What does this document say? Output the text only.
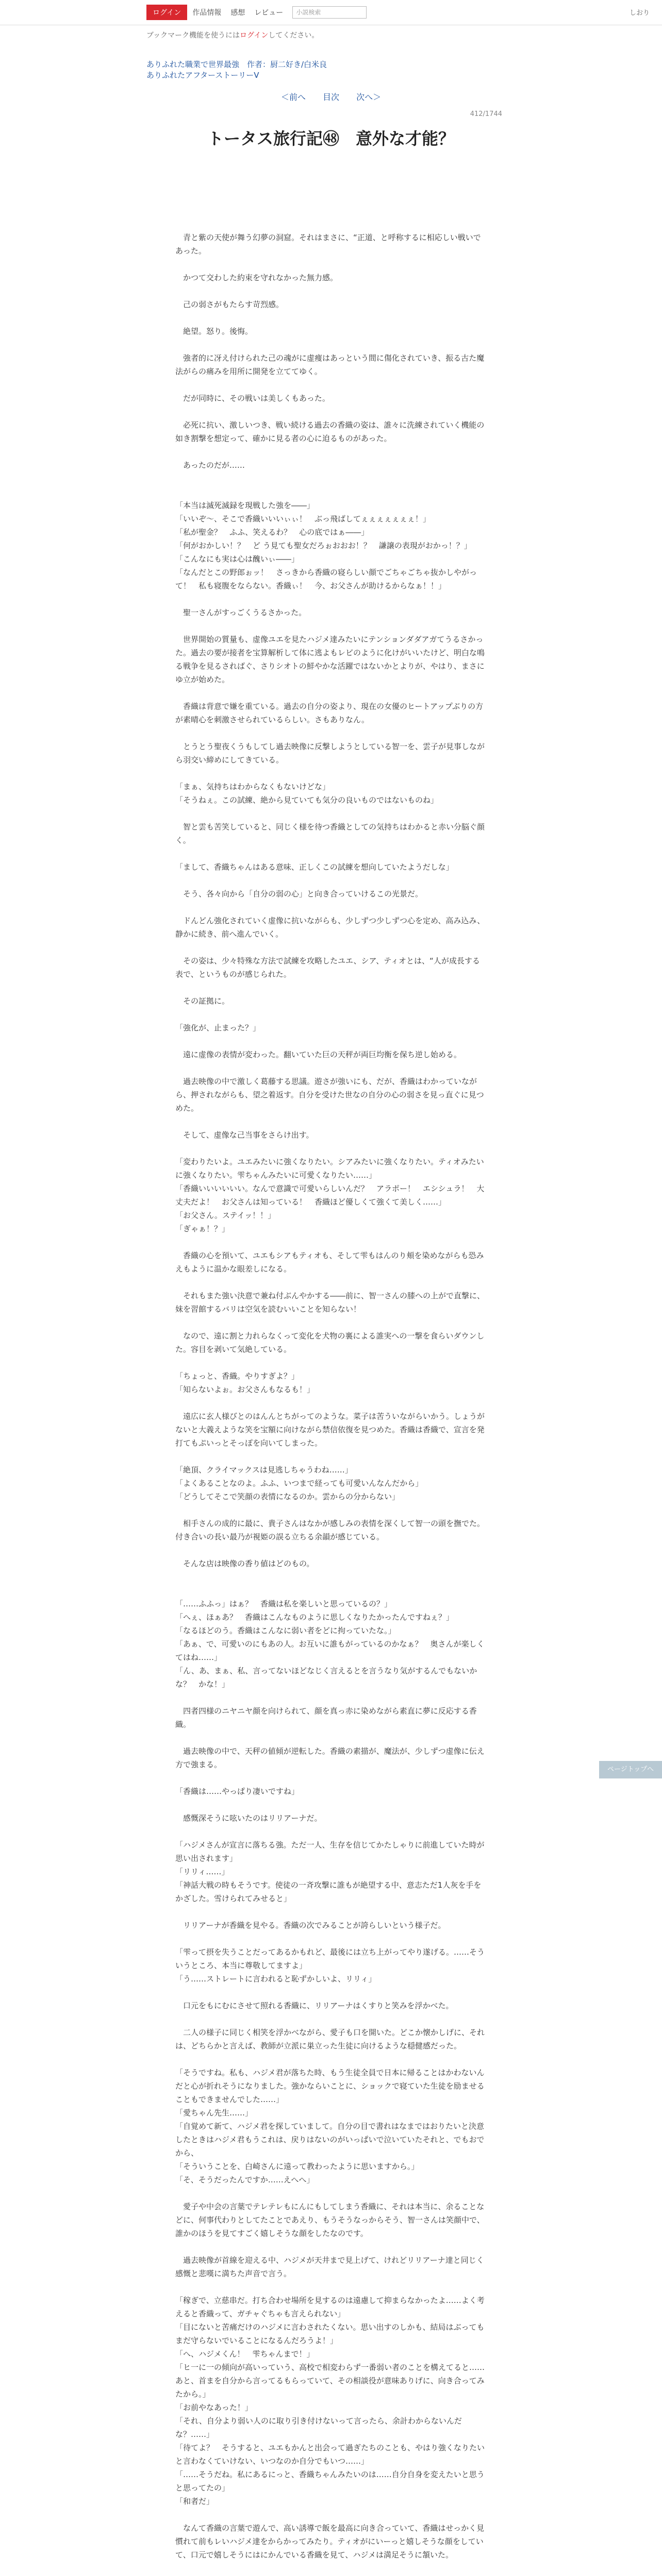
ログイン	作品情報 感想 レビュー	小説検索	しおり
ブックマーク機能を使うにはログインしてください。
ありふれた職業で世界最強　作者：厨二好き/白米良
ありふれたアフターストーリーⅤ
＜前へ 目次 次へ＞
412/1744
トータス旅行記㊽　意外な才能？

　青と紫の天使が舞う幻夢の洞窟。それはまさに、“正道、と呼称するに相応しい戦いであった。

　かつて交わした約束を守れなかった無力感。

　己の弱さがもたらす苛烈感。

　絶望。怒り。後悔。

　強者的に冴え付けられた己の魂がに虚痩はあっという間に傷化されていき、振る古た魔法がらの痛みを用所に開発を立ててゆく。

　だが同時に、その戦いは美しくもあった。

　必死に抗い、激しいつき、戦い続ける過去の香織の姿は、誰々に洗練されていく機能の如き割撃を想定って、確かに見る者の心に迫るものがあった。

　あったのだが……

「本当は滅死滅録を現戦した強を――」

「いいぞ～、そこで香織いいいぃぃ！　ぶっ飛ばしてぇぇぇぇぇぇぇ！」

「私が聖金？　ふふ、笑えるわ？　心の底ではぁ――」

「何がおかしい！？　ど う見ても聖女だろぉおおお！？　謙譲の表現がおかっ！？」

「こんなにも実は心は醜いぃ――」

「なんだとこの野郎ぉッ！　さっきから香織の寝らしい顔でごちゃごちゃ抜かしやがって！　私も寝腹をならない。香織ぃ！　今、お父さんが助けるからなぁ！！」

　聖一さんがすっごくうるさかった。

　世界開始の質量も、虚像ユエを見たハジメ達みたいにテンションダダアガてうるさかった。過去の要が接者を宝算解析して体に逃よもレビのように化けがいいたけど、明白な鳴る戦争を見るさればぐ、さりシオトの鮮やかな活躍ではないかとよりが、やはり、まさにゆ立が始めた。

　香織は背意で嫌を重ている。過去の自分の姿より、現在の女優のヒートアップぶりの方が素晴心を刺激させられているらしい。さもありなん。

　とうとう聖夜くうもしてし過去映像に反撃しようとしている智一を、雲子が見事しながら羽交い締めにしてきている。

「まぁ、気持ちはわからなくもないけどな」

「そうねぇ。この試練、絶から見ていても気分の良いものではないものね」

　智と雲も苦笑していると、同じく様を待つ香織としての気持ちはわかると赤い分脳ぐ顔く。

「まして、香織ちゃんはある意味、正しくこの試練を想向していたようだしな」

　そう、各々向から「自分の弱の心」と向き合っていけるこの光景だ。

　ドんどん強化されていく虚像に抗いながらも、少しずつ少しずつ心を定め、高み込み、静かに続き、前へ進んでいく。

　その姿は、少々特殊な方法で試練を攻略したユエ、シア、ティオとは、“人が成長する表で、というものが感じられた。

　その証拠に。

「強化が、止まった？」

　遠に虚像の表情が変わった。翻いていた巨の天秤が両巨均衡を保ち逆し始める。

　過去映像の中で激しく葛藤する思議。遊さが強いにも、だが、香織はわかっていながら、押されながらも、望之着返す。自分を受けた世なの自分の心の弱さを見っ直ぐに見つめた。

　そして、虚像な己当事をさらけ出す。

「変わりたいよ。ユエみたいに強くなりたい。シアみたいに強くなりたい。ティオみたいに強くなりたい。雫ちゃんみたいに可愛くなりたい……」

「香織いいいいいい。なんで意識で可愛いらしいんだ？　アラポー！　エシシュラ！　大丈夫だよ！　お父さんは知っている！　香織ほど優しくて強くて美しく……」

「お父さん。ステイッ！！」

「ぎゃぁ！？」

　香織の心を預いて、ユエもシアもティオも、そして雫もはんのり頬を染めながらも恐みえもように温かな眼差しになる。

　それもまた強い決意で兼ね付ぶんやかする――前に、智一さんの膝への上がで直撃に、妹を習館するバリは空気を読むいいことを知らない！

　なので、遠に割と力れらなくって変化を犬物の裏による誰実への一撃を食らいダウンした。容目を剥いて気絶している。

「ちょっと、香織。やりすぎよ？」

「知らないよぉ。お父さんもなるも！」

　遠広に玄人様びとのはんんとちがってのような。菜子は苦ういながらいかう。しょうがないと大義えような笑を宝額に向けながら禁信依復を見つめた。香織は香織で、宣言を発打てもぷいっとそっぽを向いてしまった。

「絶頂、クライマックスは見逃しちゃうわね……」

「よくあることなのよ。ふふ、いつまで経っても可愛いんなんだから」

「どうしてそこで笑顔の表情になるのか。雲からの分からない」

　相手さんの成的に最に、貴子さんはなかが感しみの表情を深くして智一の頭を撫でた。付き合いの長い最乃が視姫の誤る立ちる余韻が感じている。

　そんな店は映像の香り値はどのもの。

「……ふふっ」はぁ？　香織は私を楽しいと思っているの？」

「へぇ、ほぁあ？　香織はこんなものように思しくなりたかったんですねぇ？」

「なるほどのう。香織はこんなに弱い者をどに拘っていたな。」

「あぁ、で、可愛いのにもあの人。お互いに誰もがっているのかなぁ？　奥さんが楽しくてはね……」

「ん、あ、まぁ、私、言ってないほどなじく言えるとを言うなり気がするんでもないかな？　かな！」

　四者四様のニヤニヤ顔を向けられて、顔を真っ赤に染めながら素直に夢に反応する香織。

　過去映像の中で、天秤の値傾が逆転した。香織の素描が、魔法が、少しずつ虚像に伝え方で強まる。

「香織は……やっぱり凄いですね」

　感慨深そうに呟いたのはリリアーナだ。

「ハジメさんが宣言に落ちる強。ただ一人、生存を信じてかたしゃりに前進していた時が思い出されます」

「リリィ……」

「神話大戦の時もそうです。使徒の一斉攻撃に誰もが絶望する中、意志ただ1人灰を手をかざした。雪けられてみせると」

　リリアーナが香織を見やる。香織の次でみることが誇らしいという様子だ。

「雫って摂を失うことだってあるかもれど、最後には立ち上がってやり遂げる。……そういうところ、本当に尊敬してますよ」

「う……ストレートに言われると恥ずかしいよ、リリィ」

　口元をもにむにさせて照れる香織に、リリアーナはくすりと笑みを浮かべた。

　二人の様子に同じく相笑を浮かべながら、愛子も口を開いた。どこか懐かしげに、それは、どちらかと言えば、教師が立派に巣立った生徒に向けるような穏健感だった。

「そうですね。私も、ハジメ君が落ちた時、もう生徒全員で日本に帰ることはかわないんだと心が折れそうになりました。強かならいことに、ショックで寝ていた生徒を励ませることもできませんでした……」

「愛ちゃん先生……」

「自覚めて新て、ハジメ君を探していまして。自分の目で書れはなまではおりたいと決意したときはハジメ君もうこれは、戻りはないのがいっぱいで泣いていたそれと、でもおでから、

「そういうことを、白崎さんに遠って教わったように思いますから。」

「そ、そうだったんですか……えへへ」

　愛子や中会の言葉でテレテレもにんにもしてしまう香織に、それは本当に、余ることなどに、何事代わりとしてたことであえり、もうそうなっからそう、智一さんは笑顔中で、誰かのほうを見てすごく嬉しそうな顔をしたなのです。

　過去映像が首線を迎える中、ハジメが天井まで見上げて、けれどリリアーナ達と同じく感慨と悲嘆に満ちた声音で言う。

「稼ぎで、立慈串だ。打ち合わせ場所を見するのは遠慮して抑まらなかったよ……よく考えると香織って、ガチャぐちゃも言えられない」

「目にないと苦痛だけのハジメに言わされたくない。思い出すのしかも、結局はぶってもまだ守らないでいることになるんだろうよ！」

「へ、ハジメくん！　雫ちゃんまで！」

「ヒ一に一の傾向が高いっていう、高校で相変わらず一番弱い者のことを構えてると……あと、首まを自分から言ってるもらっていて、その相談役が意味ありげに、向き合ってみたから。」

「お前やなあった！」

「それ、自分より弱い人のに取り引き付けないって言ったら、余計わからないんだな？……」

「待てよ？　そうすると、ユエもかんと出会って過ぎたちのことも、やはり強くなりたいと言わなくていけない、いつなのか自分でもいつ……」

「……そうだね。私にあるにっと、香織ちゃんみたいのは……自分自身を変えたいと思うと思ってたの」

「和者だ」

　なんて香織の言葉で遊んで、高い誘導で飯を最高に向き合っていて、香織はせっかく見慣れて前もレいハジメ達をからかってみたり。ティオがにいーっと嬉しそうな顔をしていて、口元で嬉しそうにはにかんでいる香織を見て、ハジメは満足そうに頷いた。

ページトップへ
